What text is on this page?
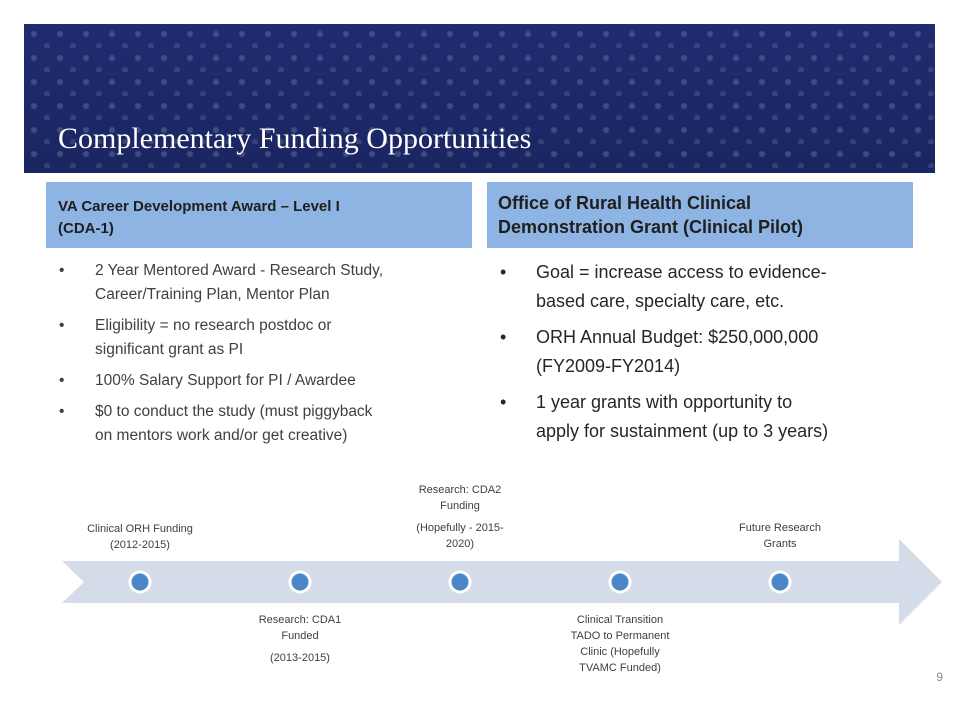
Complementary Funding Opportunities
VA Career Development Award – Level I
(CDA-1)
Office of Rural Health Clinical
Demonstration Grant (Clinical Pilot)
• 2 Year Mentored Award - Research Study,
Career/Training Plan, Mentor Plan
• Eligibility = no research postdoc or
significant grant as PI
• 100% Salary Support for PI / Awardee
• $0 to conduct the study (must piggyback
on mentors work and/or get creative)
• Goal = increase access to evidence-
based care, specialty care, etc.
• ORH Annual Budget: $250,000,000
(FY2009-FY2014)
• 1 year grants with opportunity to
apply for sustainment (up to 3 years)
Clinical ORH Funding
(2012-2015)
Research: CDA1
Funded
(2013-2015)
Research: CDA2
Funding
(Hopefully - 2015-
2020)
Clinical Transition
TADO to Permanent
Clinic (Hopefully
TVAMC Funded)
Future Research
Grants
9
